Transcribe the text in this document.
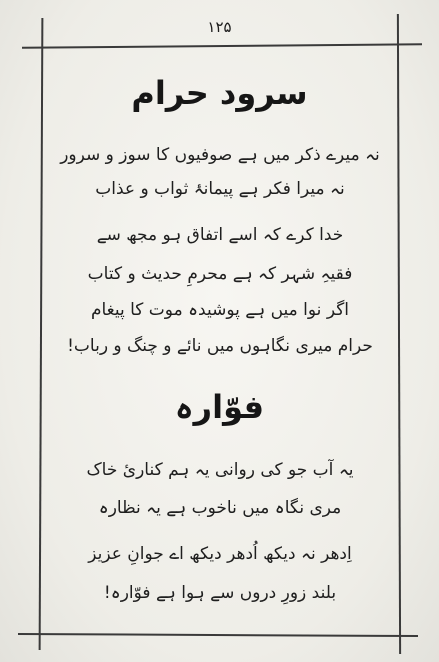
۱۲۵
سرود حرام
نہ میرے ذکر میں ہے صوفیوں کا سوز و سرور
نہ میرا فکر ہے پیمانۂ ثواب و عذاب
خدا کرے کہ اسے اتفاق ہو مجھ سے
فقیہِ شہر کہ ہے محرمِ حدیث و کتاب
اگر نوا میں ہے پوشیدہ موت کا پیغام
حرام میری نگاہوں میں نائے و چنگ و رباب!
فوّارہ
یہ آب جو کی روانی یہ ہم کناریٔ خاک
مری نگاہ میں ناخوب ہے یہ نظارہ
اِدھر نہ دیکھ اُدھر دیکھ اے جوانِ عزیز
بلند زورِ دروں سے ہوا ہے فوّارہ!
